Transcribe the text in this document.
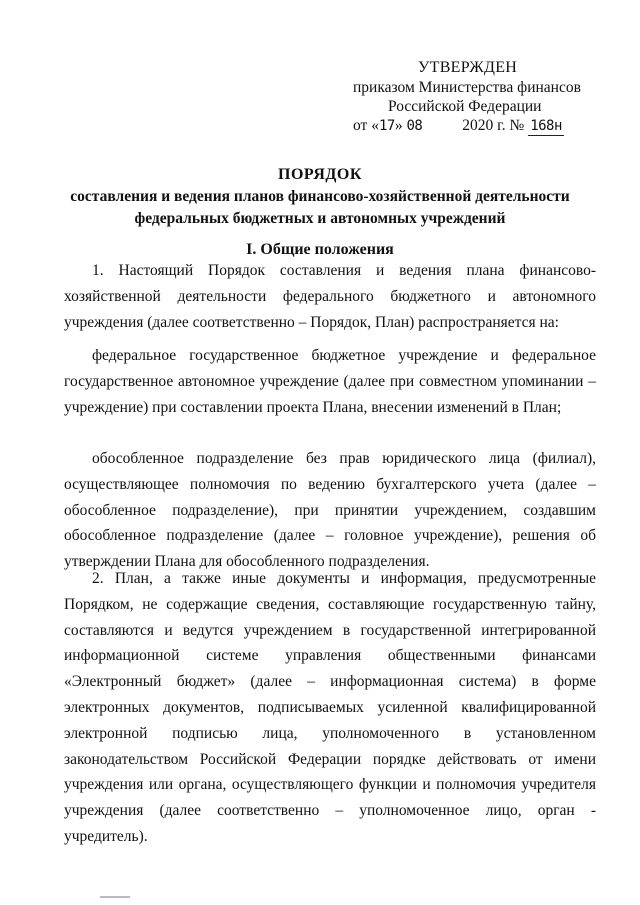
УТВЕРЖДЕН
приказом Министерства финансов
Российской Федерации
от «17» 08	2020 г. № 168н
ПОРЯДОК
составления и ведения планов финансово-хозяйственной деятельности
федеральных бюджетных и автономных учреждений
I. Общие положения

1. Настоящий Порядок составления и ведения плана финансово-хозяйственной деятельности федерального бюджетного и автономного учреждения (далее соответственно – Порядок, План) распространяется на:

федеральное государственное бюджетное учреждение и федеральное государственное автономное учреждение (далее при совместном упоминании – учреждение) при составлении проекта Плана, внесении изменений в План;

обособленное подразделение без прав юридического лица (филиал), осуществляющее полномочия по ведению бухгалтерского учета (далее – обособленное подразделение), при принятии учреждением, создавшим обособленное подразделение (далее – головное учреждение), решения об утверждении Плана для обособленного подразделения.

2. План, а также иные документы и информация, предусмотренные Порядком, не содержащие сведения, составляющие государственную тайну, составляются и ведутся учреждением в государственной интегрированной информационной системе управления общественными финансами «Электронный бюджет» (далее – информационная система) в форме электронных документов, подписываемых усиленной квалифицированной электронной подписью лица, уполномоченного в установленном законодательством Российской Федерации порядке действовать от имени учреждения или органа, осуществляющего функции и полномочия учредителя учреждения (далее соответственно – уполномоченное лицо, орган - учредитель).
